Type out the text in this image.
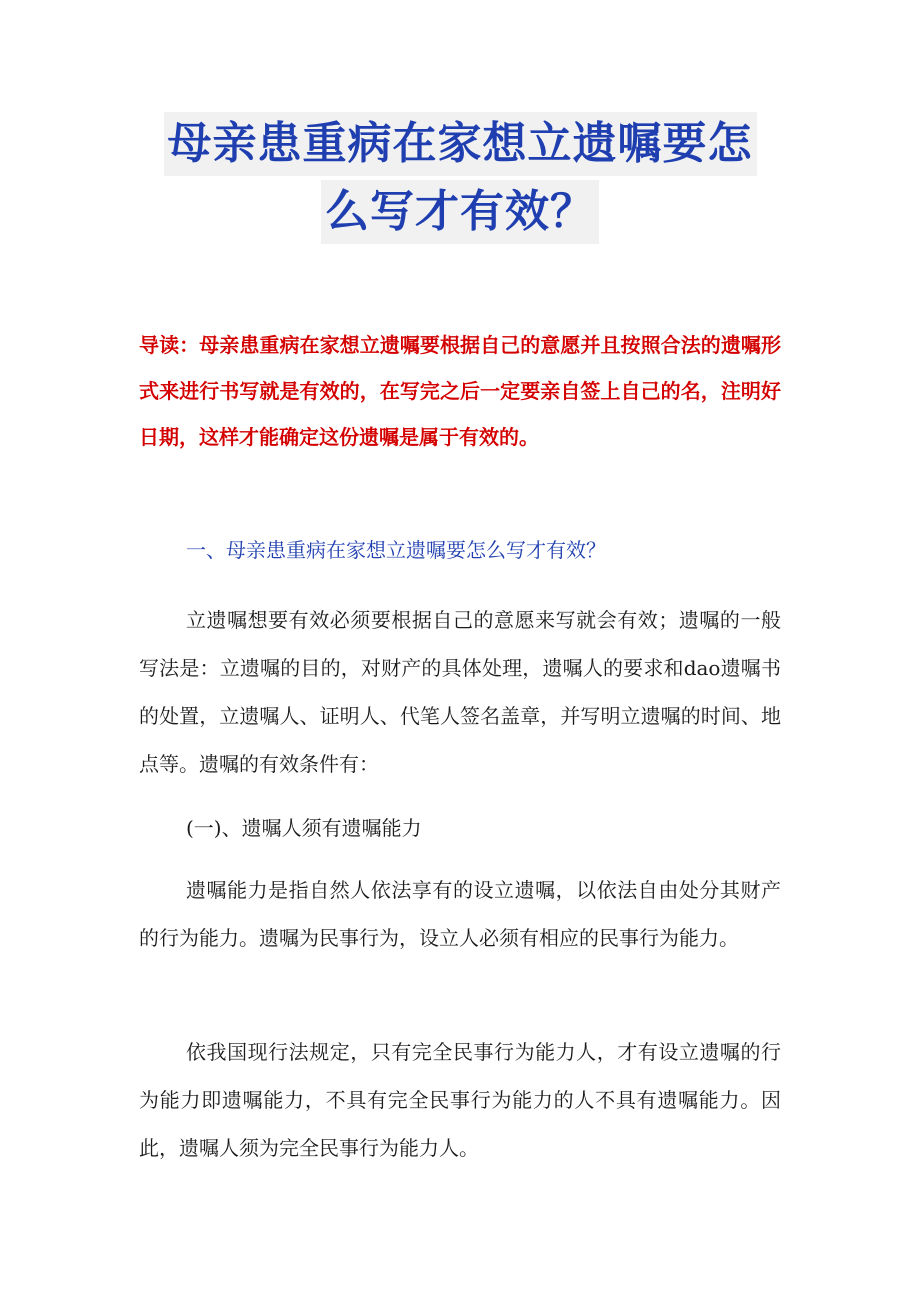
母亲患重病在家想立遗嘱要怎
么写才有效？
导读：母亲患重病在家想立遗嘱要根据自己的意愿并且按照合法的遗嘱形式来进行书写就是有效的，在写完之后一定要亲自签上自己的名，注明好日期，这样才能确定这份遗嘱是属于有效的。
一、母亲患重病在家想立遗嘱要怎么写才有效？

立遗嘱想要有效必须要根据自己的意愿来写就会有效；遗嘱的一般写法是：立遗嘱的目的，对财产的具体处理，遗嘱人的要求和dao遗嘱书的处置，立遗嘱人、证明人、代笔人签名盖章，并写明立遗嘱的时间、地点等。遗嘱的有效条件有：

(一)、遗嘱人须有遗嘱能力

遗嘱能力是指自然人依法享有的设立遗嘱，以依法自由处分其财产的行为能力。遗嘱为民事行为，设立人必须有相应的民事行为能力。

依我国现行法规定，只有完全民事行为能力人，才有设立遗嘱的行为能力即遗嘱能力，不具有完全民事行为能力的人不具有遗嘱能力。因此，遗嘱人须为完全民事行为能力人。
